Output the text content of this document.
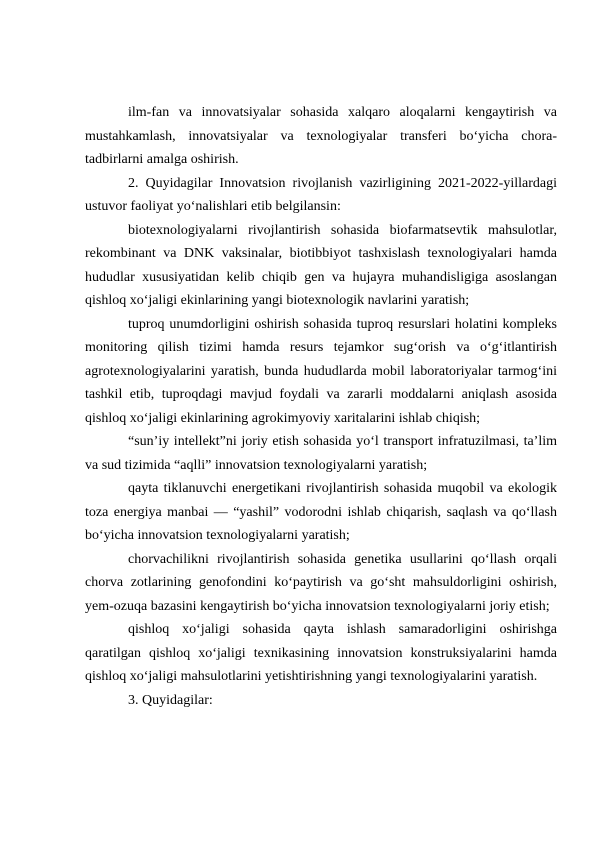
ilm-fan va innovatsiyalar sohasida xalqaro aloqalarni kengaytirish va mustahkamlash, innovatsiyalar va texnologiyalar transferi bo‘yicha chora-tadbirlarni amalga oshirish.

2. Quyidagilar Innovatsion rivojlanish vazirligining 2021-2022-yillardagi ustuvor faoliyat yo‘nalishlari etib belgilansin:

biotexnologiyalarni rivojlantirish sohasida biofarmatsevtik mahsulotlar, rekombinant va DNK vaksinalar, biotibbiyot tashxislash texnologiyalari hamda hududlar xususiyatidan kelib chiqib gen va hujayra muhandisligiga asoslangan qishloq xo‘jaligi ekinlarining yangi biotexnologik navlarini yaratish;

tuproq unumdorligini oshirish sohasida tuproq resurslari holatini kompleks monitoring qilish tizimi hamda resurs tejamkor sug‘orish va o‘g‘itlantirish agrotexnologiyalarini yaratish, bunda hududlarda mobil laboratoriyalar tarmog‘ini tashkil etib, tuproqdagi mavjud foydali va zararli moddalarni aniqlash asosida qishloq xo‘jaligi ekinlarining agrokimyoviy xaritalarini ishlab chiqish;

“sun’iy intellekt”ni joriy etish sohasida yo‘l transport infratuzilmasi, ta’lim va sud tizimida “aqlli” innovatsion texnologiyalarni yaratish;

qayta tiklanuvchi energetikani rivojlantirish sohasida muqobil va ekologik toza energiya manbai — “yashil” vodorodni ishlab chiqarish, saqlash va qo‘llash bo‘yicha innovatsion texnologiyalarni yaratish;

chorvachilikni rivojlantirish sohasida genetika usullarini qo‘llash orqali chorva zotlarining genofondini ko‘paytirish va go‘sht mahsuldorligini oshirish, yem-ozuqa bazasini kengaytirish bo‘yicha innovatsion texnologiyalarni joriy etish;

qishloq xo‘jaligi sohasida qayta ishlash samaradorligini oshirishga qaratilgan qishloq xo‘jaligi texnikasining innovatsion konstruksiyalarini hamda qishloq xo‘jaligi mahsulotlarini yetishtirishning yangi texnologiyalarini yaratish.

3. Quyidagilar:
